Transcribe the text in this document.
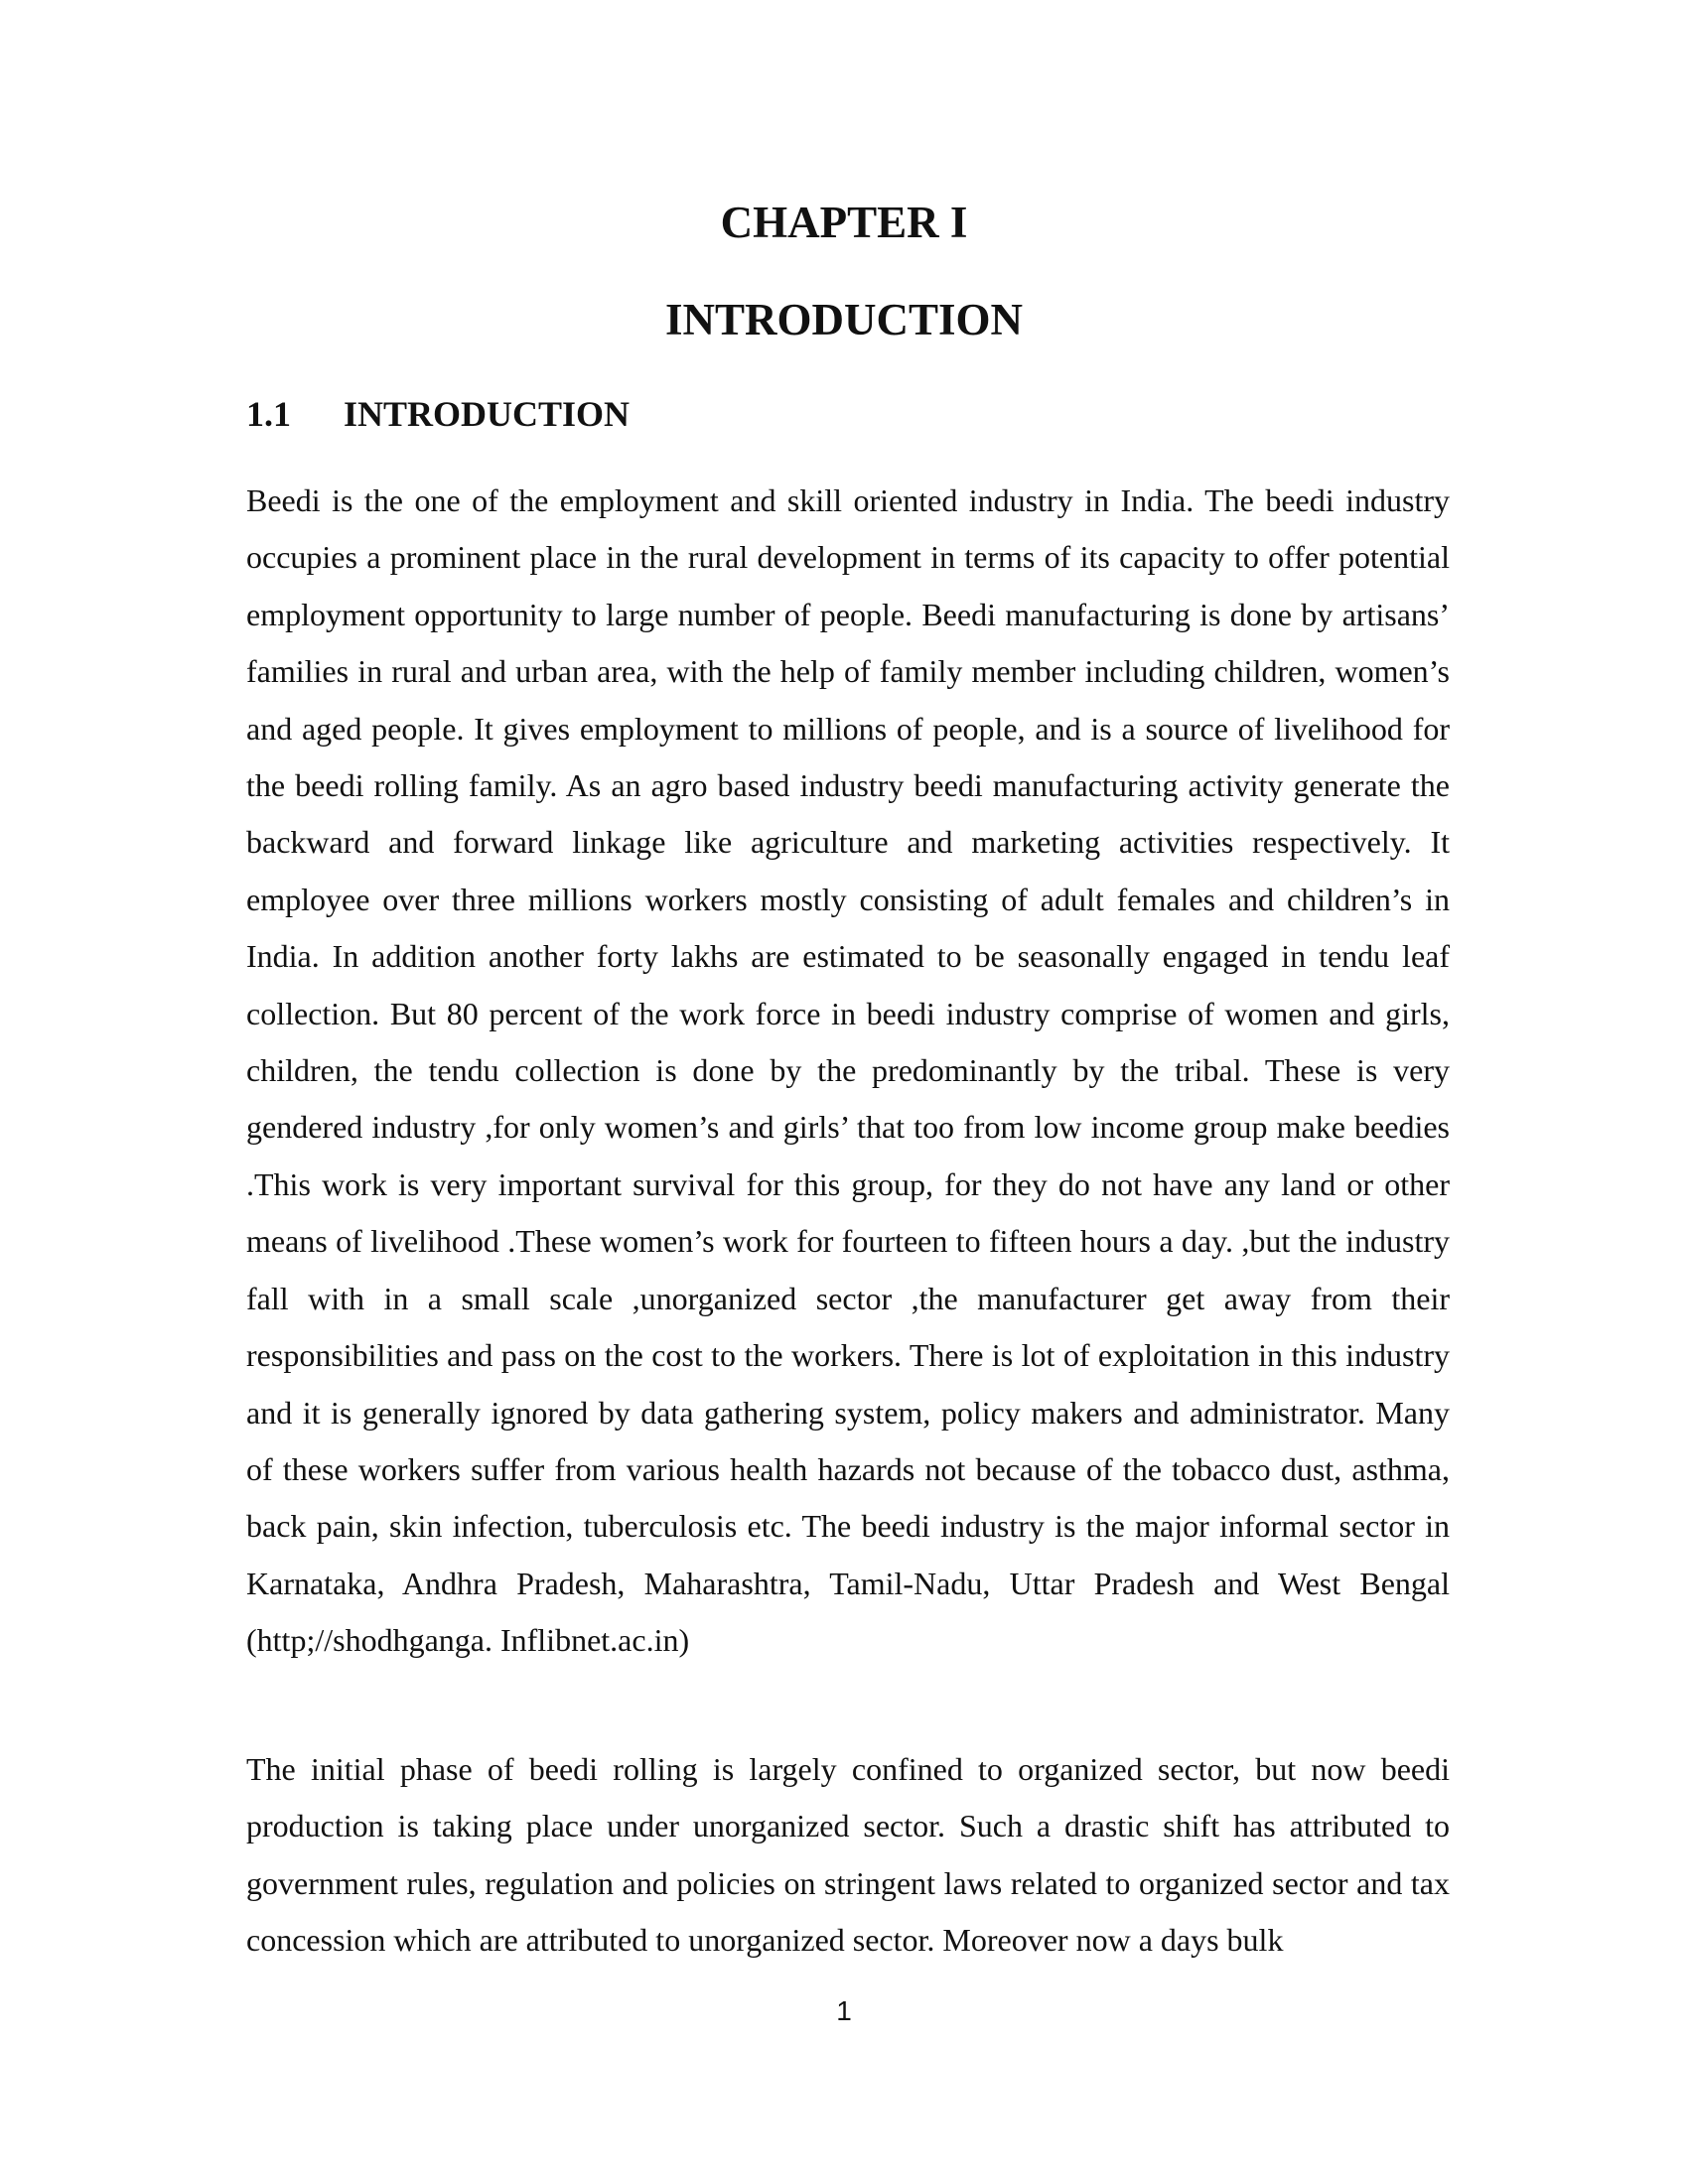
CHAPTER I
INTRODUCTION
1.1 INTRODUCTION

Beedi is the one of the employment and skill oriented industry in India. The beedi industry occupies a prominent place in the rural development in terms of its capacity to offer potential employment opportunity to large number of people. Beedi manufacturing is done by artisans’ families in rural and urban area, with the help of family member including children, women’s and aged people. It gives employment to millions of people, and is a source of livelihood for the beedi rolling family. As an agro based industry beedi manufacturing activity generate the backward and forward linkage like agriculture and marketing activities respectively. It employee over three millions workers mostly consisting of adult females and children’s in India. In addition another forty lakhs are estimated to be seasonally engaged in tendu leaf collection. But 80 percent of the work force in beedi industry comprise of women and girls, children, the tendu collection is done by the predominantly by the tribal. These is very gendered industry ,for only women’s and girls’ that too from low income group make beedies .This work is very important survival for this group, for they do not have any land or other means of livelihood .These women’s work for fourteen to fifteen hours a day. ,but the industry fall with in a small scale ,unorganized sector ,the manufacturer get away from their responsibilities and pass on the cost to the workers. There is lot of exploitation in this industry and it is generally ignored by data gathering system, policy makers and administrator. Many of these workers suffer from various health hazards not because of the tobacco dust, asthma, back pain, skin infection, tuberculosis etc. The beedi industry is the major informal sector in Karnataka, Andhra Pradesh, Maharashtra, Tamil-Nadu, Uttar Pradesh and West Bengal (http;//shodhganga. Inflibnet.ac.in)

The initial phase of beedi rolling is largely confined to organized sector, but now beedi production is taking place under unorganized sector. Such a drastic shift has attributed to government rules, regulation and policies on stringent laws related to organized sector and tax concession which are attributed to unorganized sector. Moreover now a days bulk

1
